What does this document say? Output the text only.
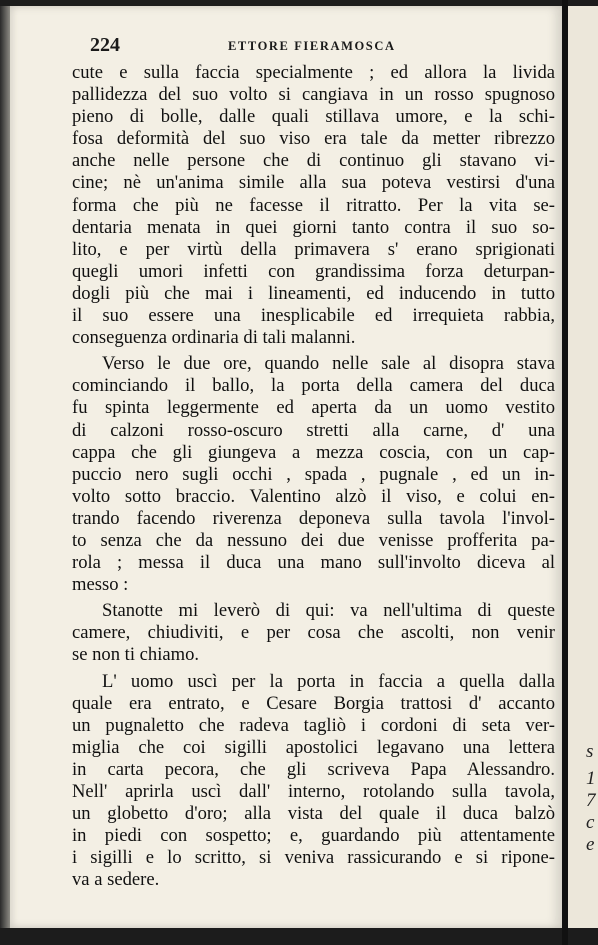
224	ETTORE FIERAMOSCA
cute e sulla faccia specialmente ; ed allora la livida
pallidezza del suo volto si cangiava in un rosso spugnoso
pieno di bolle, dalle quali stillava umore, e la schi-
fosa deformità del suo viso era tale da metter ribrezzo
anche nelle persone che di continuo gli stavano vi-
cine; nè un'anima simile alla sua poteva vestirsi d'una
forma che più ne facesse il ritratto. Per la vita se-
dentaria menata in quei giorni tanto contra il suo so-
lito, e per virtù della primavera s' erano sprigionati
quegli umori infetti con grandissima forza deturpan-
dogli più che mai i lineamenti, ed inducendo in tutto
il suo essere una inesplicabile ed irrequieta rabbia,
conseguenza ordinaria di tali malanni.
Verso le due ore, quando nelle sale al disopra stava
cominciando il ballo, la porta della camera del duca
fu spinta leggermente ed aperta da un uomo vestito
di calzoni rosso-oscuro stretti alla carne, d' una
cappa che gli giungeva a mezza coscia, con un cap-
puccio nero sugli occhi , spada , pugnale , ed un in-
volto sotto braccio. Valentino alzò il viso, e colui en-
trando facendo riverenza deponeva sulla tavola l'invol-
to senza che da nessuno dei due venisse profferita pa-
rola ; messa il duca una mano sull'involto diceva al
messo :
Stanotte mi leverò di qui: va nell'ultima di queste
camere, chiudiviti, e per cosa che ascolti, non venir
se non ti chiamo.
L' uomo uscì per la porta in faccia a quella dalla
quale era entrato, e Cesare Borgia trattosi d' accanto
un pugnaletto che radeva tagliò i cordoni di seta ver-
miglia che coi sigilli apostolici legavano una lettera
in carta pecora, che gli scriveva Papa Alessandro.
Nell' aprirla uscì dall' interno, rotolando sulla tavola,
un globetto d'oro; alla vista del quale il duca balzò
in piedi con sospetto; e, guardando più attentamente
i sigilli e lo scritto, si veniva rassicurando e si ripone-
va a sedere.
s
1
7
c
e
